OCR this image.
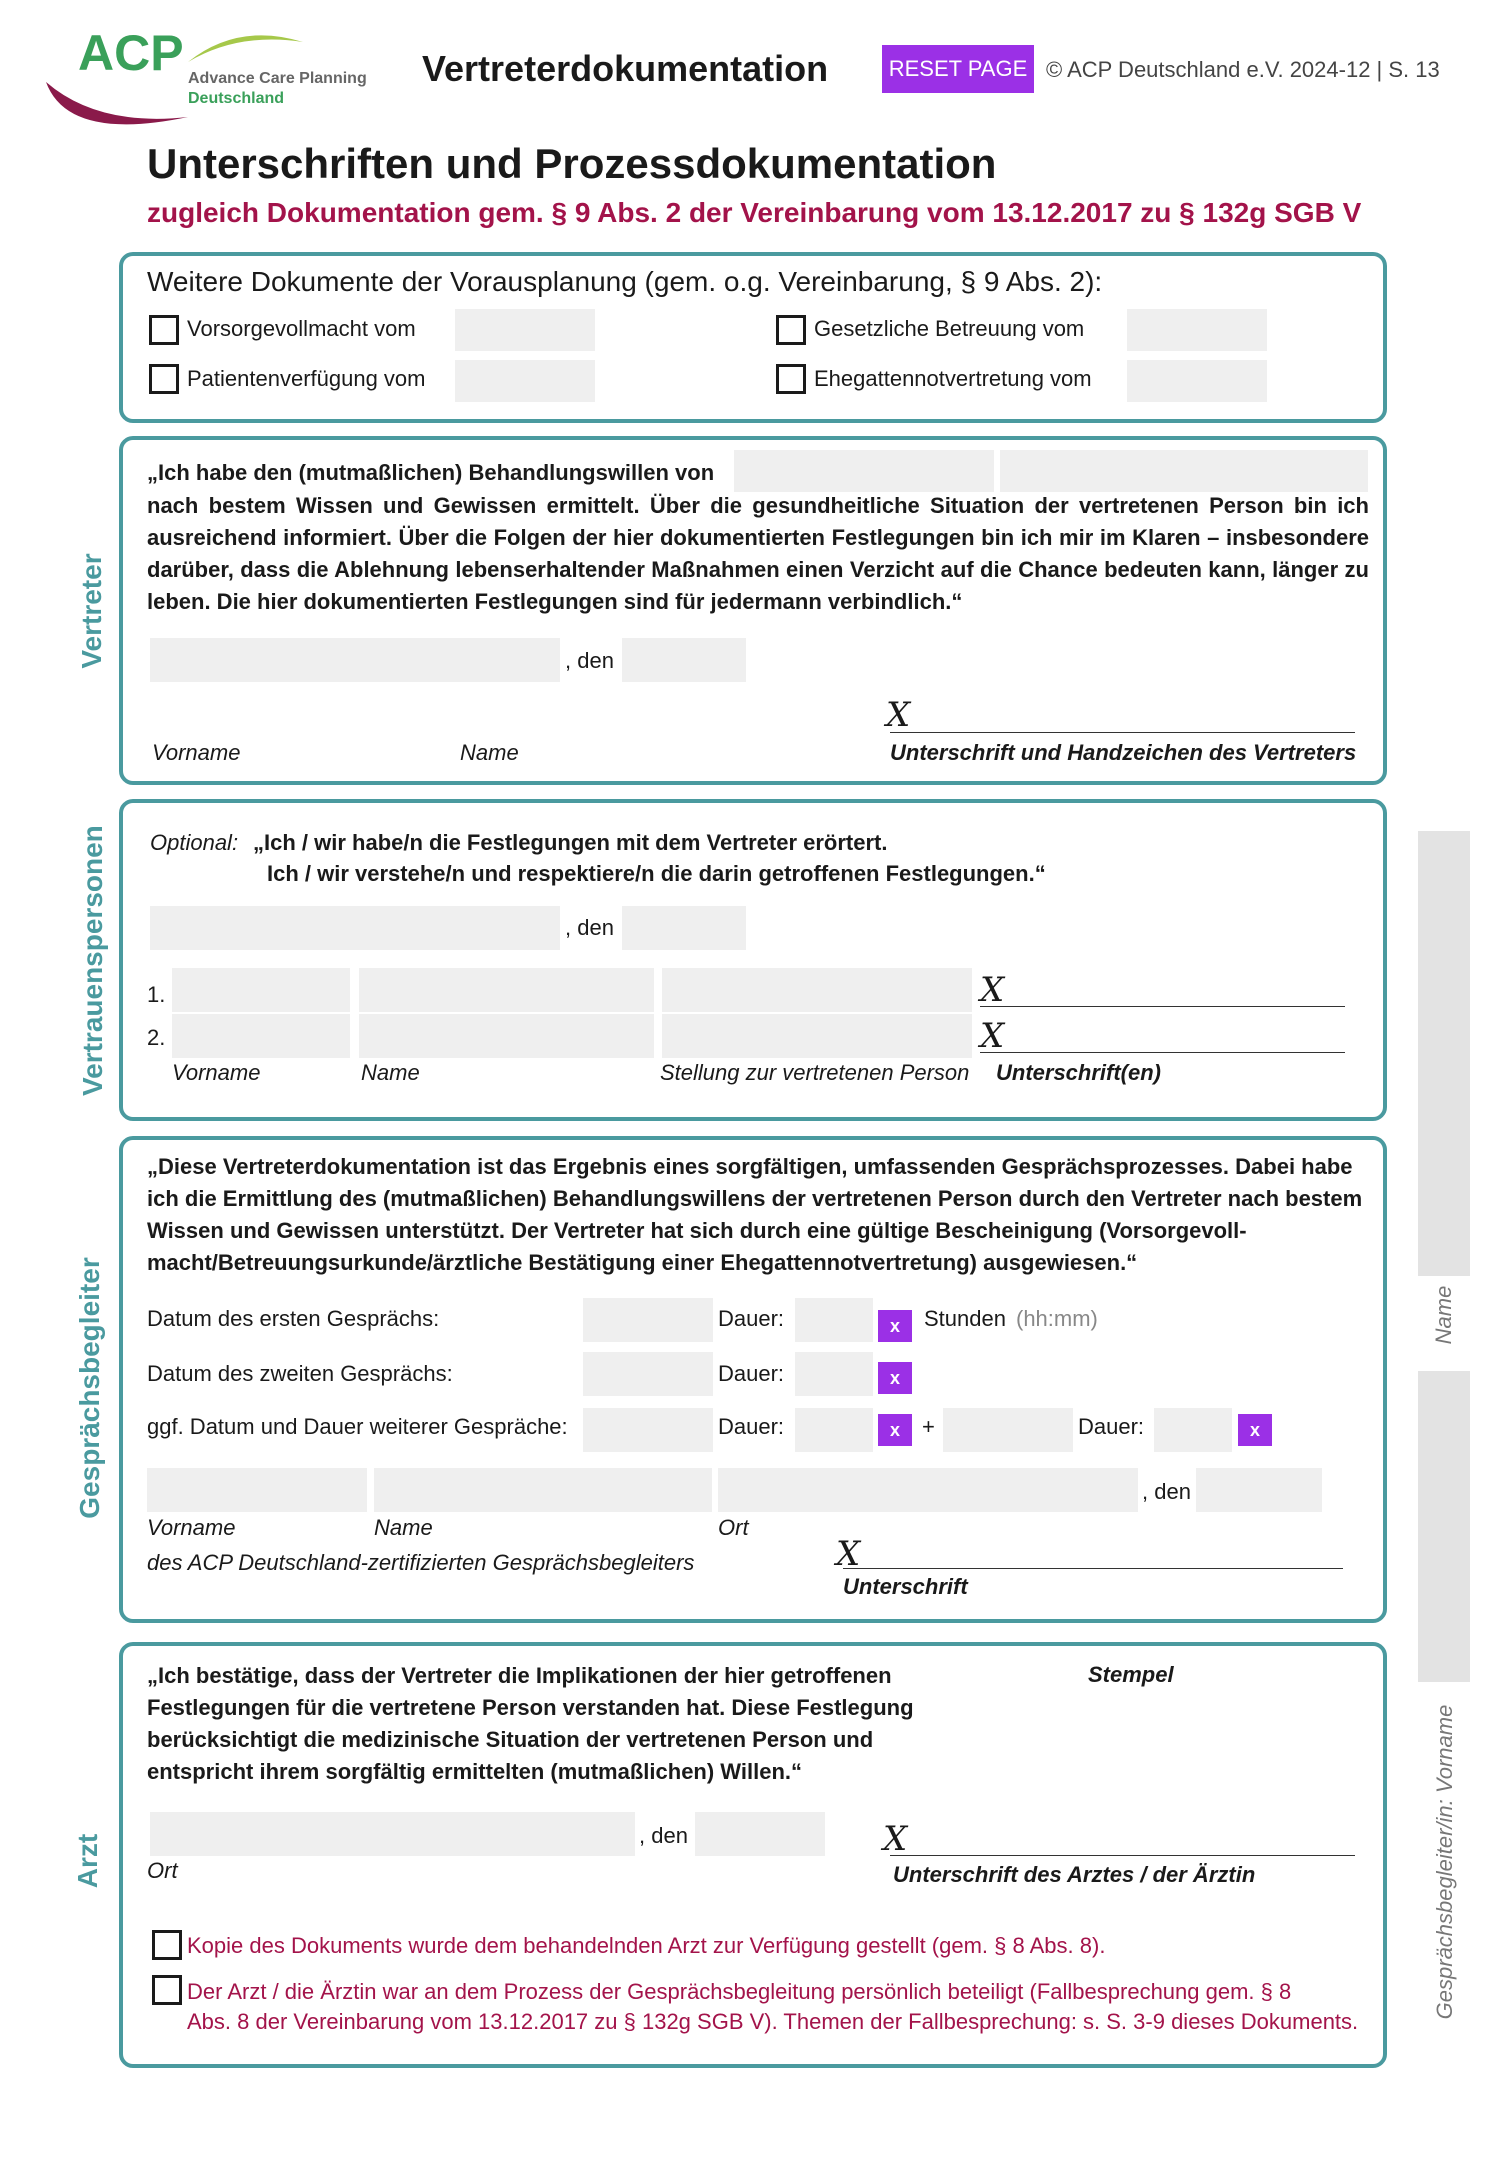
ACP Advance Care Planning
Deutschland
Vertreterdokumentation	RESET PAGE © ACP Deutschland e.V. 2024-12 | S. 13
Unterschriften und Prozessdokumentation
zugleich Dokumentation gem. § 9 Abs. 2 der Vereinbarung vom 13.12.2017 zu § 132g SGB V
Weitere Dokumente der Vorausplanung (gem. o.g. Vereinbarung, § 9 Abs. 2):
Vorsorgevollmacht vom	Gesetzliche Betreuung vom
Patientenverfügung vom	Ehegattennotvertretung vom
Vertreter
„Ich habe den (mutmaßlichen) Behandlungswillen von
nach bestem Wissen und Gewissen ermittelt. Über die gesundheitliche Situation der vertretenen Person bin ich ausreichend informiert. Über die Folgen der hier dokumentierten Festlegungen bin ich mir im Klaren – insbesondere darüber, dass die Ablehnung lebenserhaltender Maßnahmen einen Verzicht auf die Chance bedeuten kann, länger zu leben. Die hier dokumentierten Festlegungen sind für jedermann verbindlich.“
, den
X
Vorname	Name	Unterschrift und Handzeichen des Vertreters
Vertrauenspersonen Optional: „Ich / wir habe/n die Festlegungen mit dem Vertreter erörtert.
Ich / wir verstehe/n und respektiere/n die darin getroffenen Festlegungen.“
, den
1.	X
2.	X
Vorname	Name	Stellung zur vertretenen Person Unterschrift(en)
Gesprächsbegleiter
„Diese Vertreterdokumentation ist das Ergebnis eines sorgfältigen, umfassenden Gesprächsprozesses. Dabei habe ich die Ermittlung des (mutmaßlichen) Behandlungswillens der vertretenen Person durch den Vertreter nach bestem Wissen und Gewissen unterstützt. Der Vertreter hat sich durch eine gültige Bescheinigung (Vorsorgevoll-macht/Betreuungsurkunde/ärztliche Bestätigung einer Ehegattennotvertretung) ausgewiesen.“
Datum des ersten Gesprächs:	Dauer:	x	Stunden (hh:mm)
Datum des zweiten Gesprächs:	Dauer:	x
ggf. Datum und Dauer weiterer Gespräche:	Dauer:	x	+	Dauer:	x
, den
Vorname	Name	Ort
des ACP Deutschland-zertifizierten Gesprächsbegleiters	X
Unterschrift
Arzt
„Ich bestätige, dass der Vertreter die Implikationen der hier getroffenen Festlegungen für die vertretene Person verstanden hat. Diese Festlegung berücksichtigt die medizinische Situation der vertretenen Person und entspricht ihrem sorgfältig ermittelten (mutmaßlichen) Willen.“
Stempel
, den
Ort
X
Unterschrift des Arztes / der Ärztin
Kopie des Dokuments wurde dem behandelnden Arzt zur Verfügung gestellt (gem. § 8 Abs. 8).
Der Arzt / die Ärztin war an dem Prozess der Gesprächsbegleitung persönlich beteiligt (Fallbesprechung gem. § 8
Abs. 8 der Vereinbarung vom 13.12.2017 zu § 132g SGB V). Themen der Fallbesprechung: s. S. 3-9 dieses Dokuments.
Name
Gesprächsbegleiter/in: Vorname
